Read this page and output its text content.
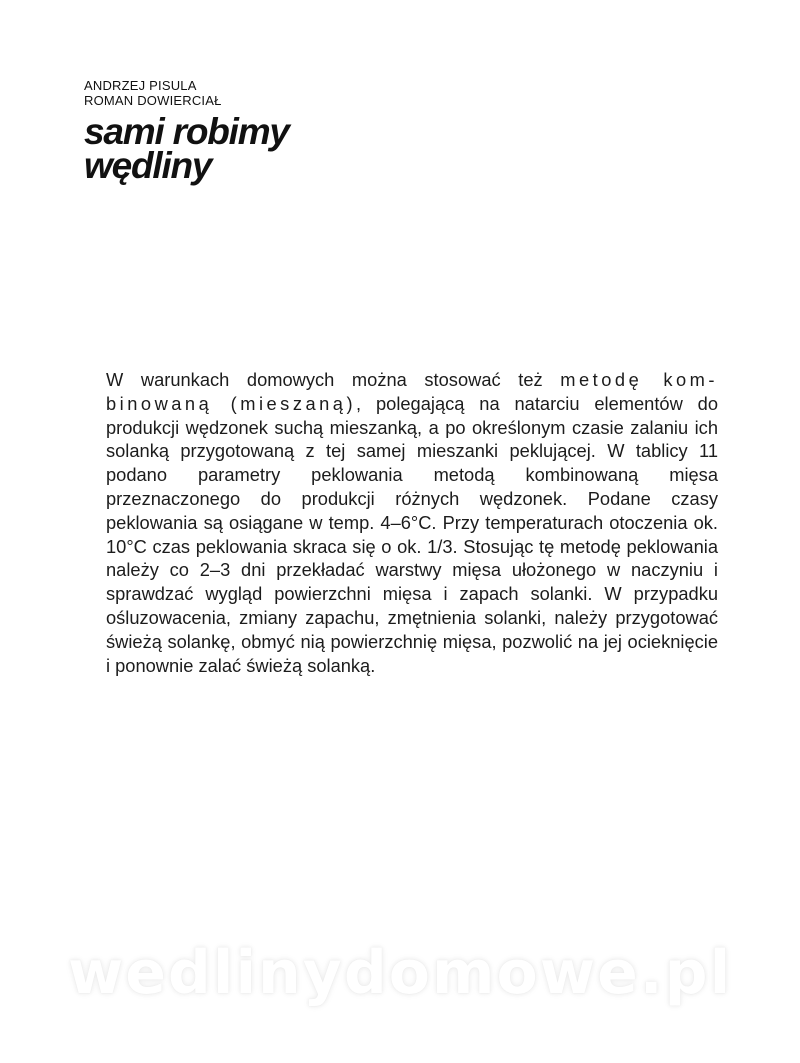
ANDRZEJ PISULA
ROMAN DOWIERCIAŁ
sami robimy
wędliny

W warunkach domowych można stosować też metodę kom-binowaną (mieszaną), polegającą na natarciu elementów do produkcji wędzonek suchą mieszanką, a po określonym czasie zalaniu ich solanką przygotowaną z tej samej mieszanki peklującej. W tablicy 11 podano parametry peklowania metodą kombinowaną mięsa przeznaczonego do produkcji różnych wędzonek. Podane czasy peklowania są osiągane w temp. 4–6°C. Przy temperaturach otoczenia ok. 10°C czas peklowania skraca się o ok. 1/3. Stosując tę metodę peklowania należy co 2–3 dni przekładać warstwy mięsa ułożonego w naczyniu i sprawdzać wygląd powierzchni mięsa i zapach solanki. W przypadku ośluzowacenia, zmiany zapachu, zmętnienia solanki, należy przygotować świeżą solankę, obmyć nią powierzchnię mięsa, pozwolić na jej ocieknięcie i ponownie zalać świeżą solanką.

wedlinydomowe.pl
